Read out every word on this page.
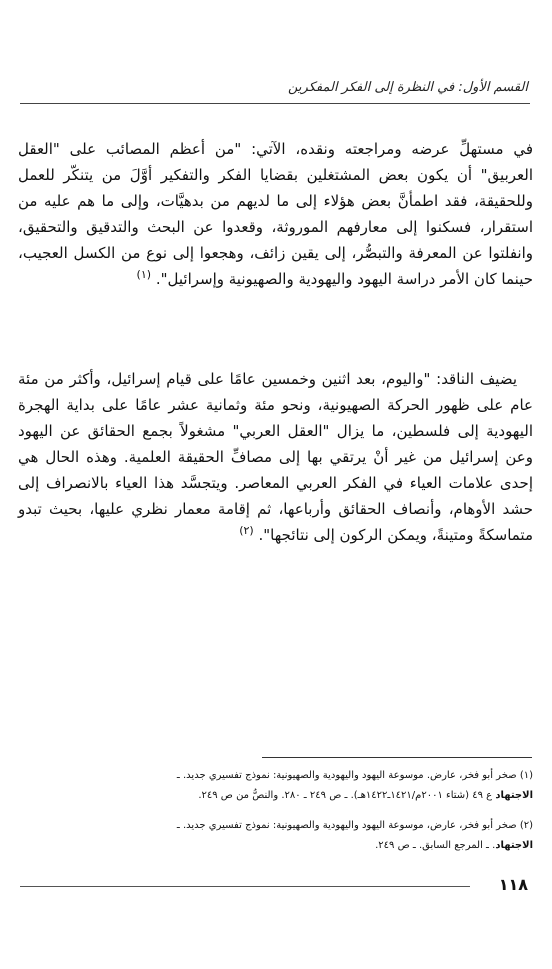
القسم الأول: في النظرة إلى الفكر المفكرين

في مستهلِّ عرضه ومراجعته ونقده، الآتي: "من أعظم المصائب على "العقل العربيق" أن يكون بعض المشتغلين بقضايا الفكر والتفكير أوَّلَ من يتنكّر للعمل وللحقيقة، فقد اطمأنَّ بعض هؤلاء إلى ما لديهم من بدهيَّات، وإلى ما هم عليه من استقرار، فسكنوا إلى معارفهم الموروثة، وقعدوا عن البحث والتدقيق والتحقيق، وانفلتوا عن المعرفة والتبصُّر، إلى يقين زائف، وهجعوا إلى نوع من الكسل العجيب، حينما كان الأمر دراسة اليهود واليهودية والصهيونية وإسرائيل". $^{(١)}$

يضيف الناقد: "واليوم، بعد اثنين وخمسين عامًا على قيام إسرائيل، وأكثر من مئة عام على ظهور الحركة الصهيونية، ونحو مئة وثمانية عشر عامًا على بداية الهجرة اليهودية إلى فلسطين، ما يزال "العقل العربي" مشغولاً بجمع الحقائق عن اليهود وعن إسرائيل من غير أنْ يرتقي بها إلى مصافِّ الحقيقة العلمية. وهذه الحال هي إحدى علامات العياء في الفكر العربي المعاصر. ويتجسَّد هذا العياء بالانصراف إلى حشد الأوهام، وأنصاف الحقائق وأرباعها، ثم إقامة معمار نظري عليها، بحيث تبدو متماسكةً ومتينةً، ويمكن الركون إلى نتائجها". $^{(٢)}$

(١) صخر أبو فخر، عارض. موسوعة اليهود واليهودية والصهيونية: نموذج تفسيري جديد. ـ
الاجتهاد ع ٤٩ (شتاء ٢٠٠١م/١٤٢١ـ١٤٢٢هـ). ـ ص ٢٤٩ ـ ٢٨٠. والنصُّ من ص ٢٤٩.
(٢) صخر أبو فخر، عارض، موسوعة اليهود واليهودية والصهيونية: نموذج تفسيري جديد. ـ
الاجتهاد. ـ المرجع السابق. ـ ص ٢٤٩.
١١٨
